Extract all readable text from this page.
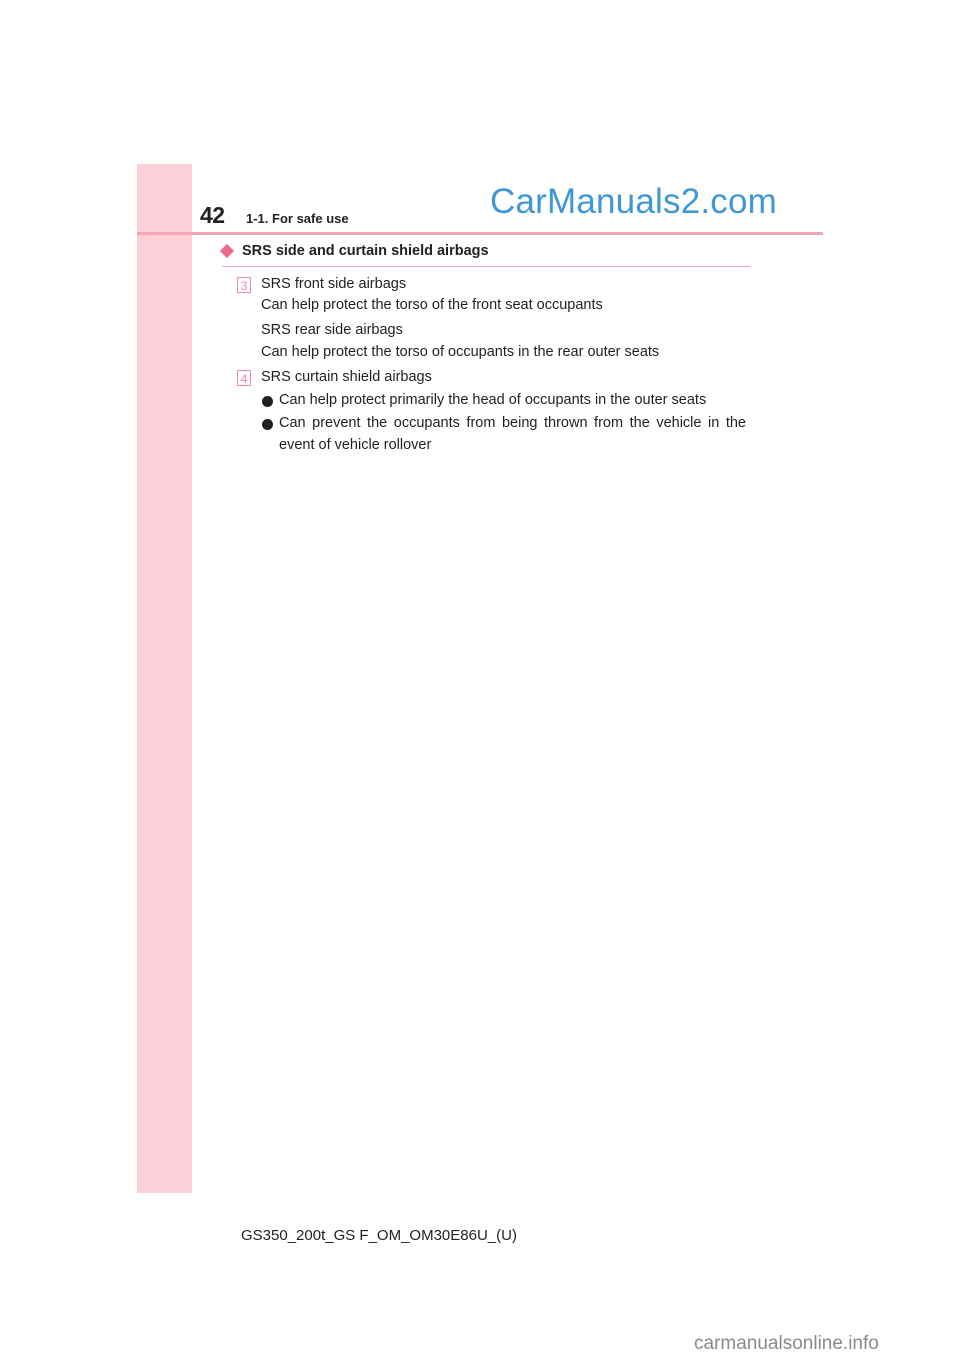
42 1-1. For safe use	CarManuals2.com
SRS side and curtain shield airbags
3 SRS front side airbags
Can help protect the torso of the front seat occupants
SRS rear side airbags
Can help protect the torso of occupants in the rear outer seats
4 SRS curtain shield airbags
Can help protect primarily the head of occupants in the outer seats
Can prevent the occupants from being thrown from the vehicle in the
event of vehicle rollover
GS350_200t_GS F_OM_OM30E86U_(U)
carmanualsonline.info
